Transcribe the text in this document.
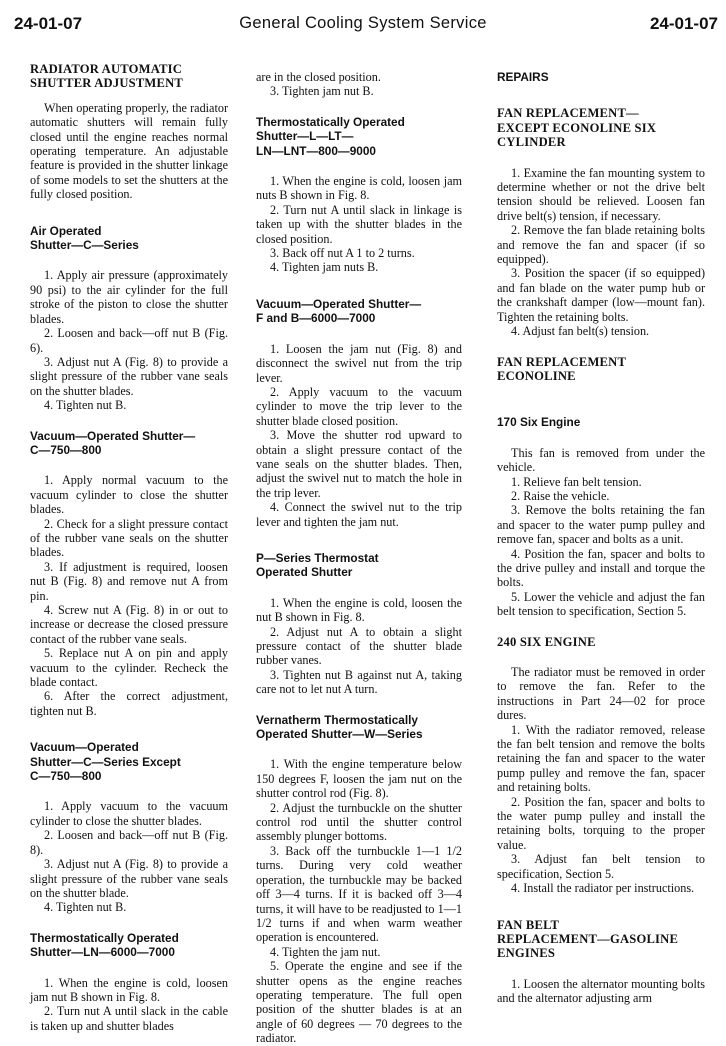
24-01-07	General Cooling System Service	24-01-07
RADIATOR AUTOMATIC
SHUTTER ADJUSTMENT

When operating properly, the radiator automatic shutters will remain fully closed until the engine reaches normal operating temperature. An adjustable feature is provided in the shutter linkage of some models to set the shutters at the fully closed position.

Air Operated
Shutter—C—Series

1. Apply air pressure (approximately 90 psi) to the air cylinder for the full stroke of the piston to close the shutter blades.

2. Loosen and back—off nut B (Fig. 6).

3. Adjust nut A (Fig. 8) to provide a slight pressure of the rubber vane seals on the shutter blades.

4. Tighten nut B.

Vacuum—Operated Shutter—
C—750—800

1. Apply normal vacuum to the vacuum cylinder to close the shutter blades.

2. Check for a slight pressure contact of the rubber vane seals on the shutter blades.

3. If adjustment is required, loosen nut B (Fig. 8) and remove nut A from pin.

4. Screw nut A (Fig. 8) in or out to increase or decrease the closed pressure contact of the rubber vane seals.

5. Replace nut A on pin and apply vacuum to the cylinder. Recheck the blade contact.

6. After the correct adjustment, tighten nut B.

Vacuum—Operated
Shutter—C—Series Except
C—750—800

1. Apply vacuum to the vacuum cylinder to close the shutter blades.

2. Loosen and back—off nut B (Fig. 8).

3. Adjust nut A (Fig. 8) to provide a slight pressure of the rubber vane seals on the shutter blade.

4. Tighten nut B.

Thermostatically Operated
Shutter—LN—6000—7000

1. When the engine is cold, loosen jam nut B shown in Fig. 8.

2. Turn nut A until slack in the cable is taken up and shutter blades

are in the closed position.

3. Tighten jam nut B.

Thermostatically Operated
Shutter—L—LT—
LN—LNT—800—9000

1. When the engine is cold, loosen jam nuts B shown in Fig. 8.

2. Turn nut A until slack in linkage is taken up with the shutter blades in the closed position.

3. Back off nut A 1 to 2 turns.

4. Tighten jam nuts B.

Vacuum—Operated Shutter—
F and B—6000—7000

1. Loosen the jam nut (Fig. 8) and disconnect the swivel nut from the trip lever.

2. Apply vacuum to the vacuum cylinder to move the trip lever to the shutter blade closed position.

3. Move the shutter rod upward to obtain a slight pressure contact of the vane seals on the shutter blades. Then, adjust the swivel nut to match the hole in the trip lever.

4. Connect the swivel nut to the trip lever and tighten the jam nut.

P—Series Thermostat
Operated Shutter

1. When the engine is cold, loosen the nut B shown in Fig. 8.

2. Adjust nut A to obtain a slight pressure contact of the shutter blade rubber vanes.

3. Tighten nut B against nut A, taking care not to let nut A turn.

Vernatherm Thermostatically
Operated Shutter—W—Series

1. With the engine temperature below 150 degrees F, loosen the jam nut on the shutter control rod (Fig. 8).

2. Adjust the turnbuckle on the shutter control rod until the shutter control assembly plunger bottoms.

3. Back off the turnbuckle 1—1 1/2 turns. During very cold weather operation, the turnbuckle may be backed off 3—4 turns. If it is backed off 3—4 turns, it will have to be readjusted to 1—1 1/2 turns if and when warm weather operation is encountered.

4. Tighten the jam nut.

5. Operate the engine and see if the shutter opens as the engine reaches operating temperature. The full open position of the shutter blades is at an angle of 60 degrees — 70 degrees to the radiator.

REPAIRS
FAN REPLACEMENT—
EXCEPT ECONOLINE SIX
CYLINDER

1. Examine the fan mounting system to determine whether or not the drive belt tension should be relieved. Loosen fan drive belt(s) tension, if necessary.

2. Remove the fan blade retaining bolts and remove the fan and spacer (if so equipped).

3. Position the spacer (if so equipped) and fan blade on the water pump hub or the crankshaft damper (low—mount fan). Tighten the retaining bolts.

4. Adjust fan belt(s) tension.

FAN REPLACEMENT
ECONOLINE
170 Six Engine

This fan is removed from under the vehicle.

1. Relieve fan belt tension.

2. Raise the vehicle.

3. Remove the bolts retaining the fan and spacer to the water pump pulley and remove fan, spacer and bolts as a unit.

4. Position the fan, spacer and bolts to the drive pulley and install and torque the bolts.

5. Lower the vehicle and adjust the fan belt tension to specification, Section 5.

240 SIX ENGINE

The radiator must be removed in order to remove the fan. Refer to the instructions in Part 24—02 for proce dures.

1. With the radiator removed, release the fan belt tension and remove the bolts retaining the fan and spacer to the water pump pulley and remove the fan, spacer and retaining bolts.

2. Position the fan, spacer and bolts to the water pump pulley and install the retaining bolts, torquing to the proper value.

3. Adjust fan belt tension to specification, Section 5.

4. Install the radiator per instructions.

FAN BELT
REPLACEMENT—GASOLINE
ENGINES

1. Loosen the alternator mounting bolts and the alternator adjusting arm
